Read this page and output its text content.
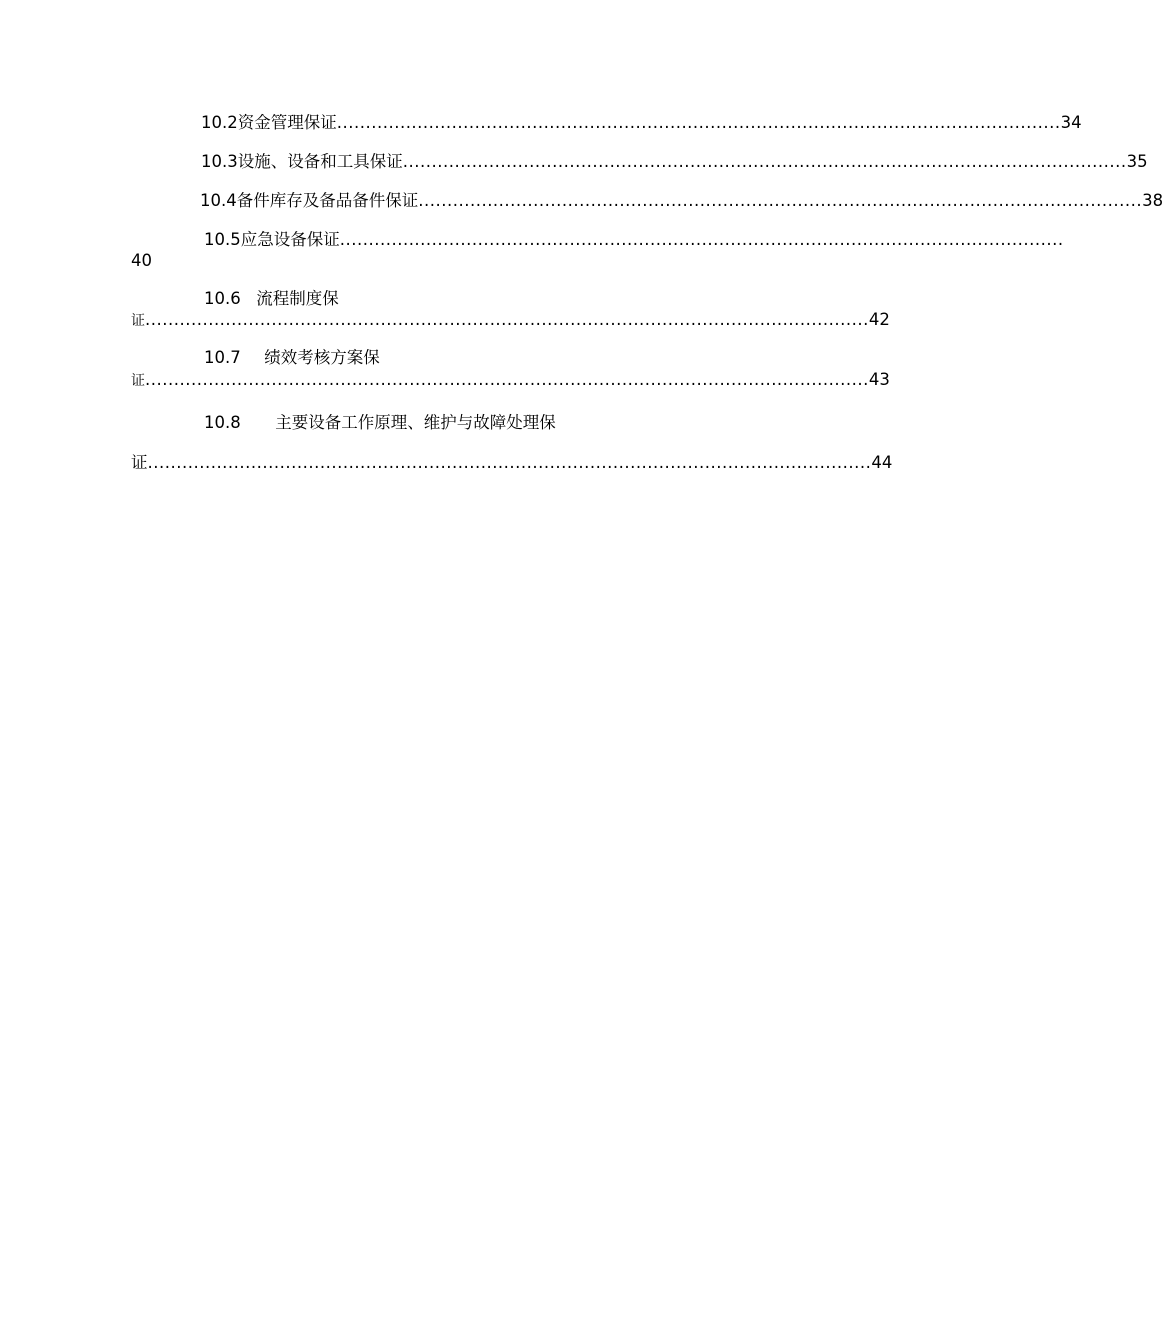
10.2 资金管理保证 .............................................................................................................................. 34
10.3 设施、设备和工具保证 .............................................................................................................................. 35
10.4 备件库存及备品备件保证 .............................................................................................................................. 38
10.5 应急设备保证 ..............................................................................................................................
40
10.6 流程制度保
证 .............................................................................................................................. 42
10.7 绩效考核方案保
证 .............................................................................................................................. 43
10.8 主要设备工作原理、维护与故障处理保
证 .............................................................................................................................. 44
